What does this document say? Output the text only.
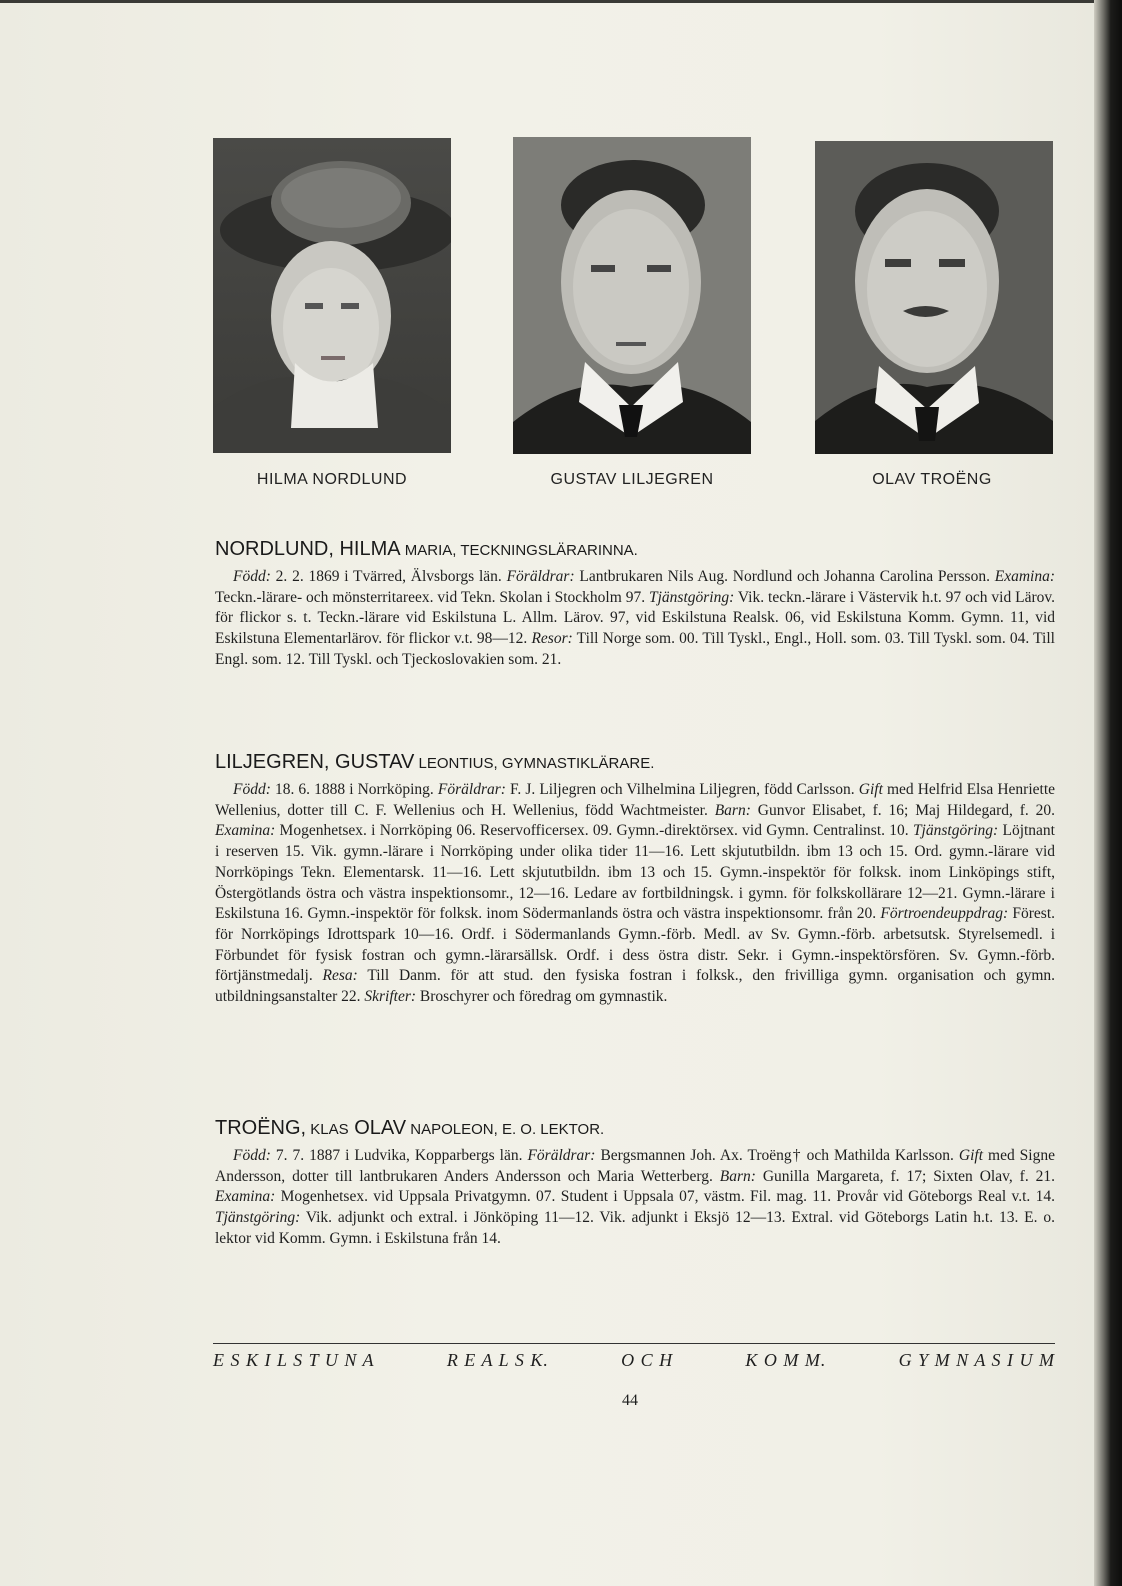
HILMA NORDLUND	GUSTAV LILJEGREN	OLAV TROËNG
NORDLUND, HILMA MARIA, TECKNINGSLÄRARINNA.

Född: 2. 2. 1869 i Tvärred, Älvsborgs län. Föräldrar: Lantbrukaren Nils Aug. Nordlund och Johanna Carolina Persson. Examina: Teckn.-lärare- och mönsterritareex. vid Tekn. Skolan i Stockholm 97. Tjänstgöring: Vik. teckn.-lärare i Västervik h.t. 97 och vid Lärov. för flickor s. t. Teckn.-lärare vid Eskilstuna L. Allm. Lärov. 97, vid Eskilstuna Realsk. 06, vid Eskilstuna Komm. Gymn. 11, vid Eskilstuna Elementarlärov. för flickor v.t. 98—12. Resor: Till Norge som. 00. Till Tyskl., Engl., Holl. som. 03. Till Tyskl. som. 04. Till Engl. som. 12. Till Tyskl. och Tjeckoslovakien som. 21.

LILJEGREN, GUSTAV LEONTIUS, GYMNASTIKLÄRARE.

Född: 18. 6. 1888 i Norrköping. Föräldrar: F. J. Liljegren och Vilhelmina Liljegren, född Carlsson. Gift med Helfrid Elsa Henriette Wellenius, dotter till C. F. Wellenius och H. Wellenius, född Wachtmeister. Barn: Gunvor Elisabet, f. 16; Maj Hildegard, f. 20. Examina: Mogenhetsex. i Norrköping 06. Reservofficersex. 09. Gymn.-direktörsex. vid Gymn. Centralinst. 10. Tjänstgöring: Löjtnant i reserven 15. Vik. gymn.-lärare i Norrköping under olika tider 11—16. Lett skjututbildn. ibm 13 och 15. Ord. gymn.-lärare vid Norrköpings Tekn. Elementarsk. 11—16. Lett skjututbildn. ibm 13 och 15. Gymn.-inspektör för folksk. inom Linköpings stift, Östergötlands östra och västra inspektionsomr., 12—16. Ledare av fortbildningsk. i gymn. för folkskollärare 12—21. Gymn.-lärare i Eskilstuna 16. Gymn.-inspektör för folksk. inom Södermanlands östra och västra inspektionsomr. från 20. Förtroendeuppdrag: Förest. för Norrköpings Idrottspark 10—16. Ordf. i Södermanlands Gymn.-förb. Medl. av Sv. Gymn.-förb. arbetsutsk. Styrelsemedl. i Förbundet för fysisk fostran och gymn.-lärarsällsk. Ordf. i dess östra distr. Sekr. i Gymn.-inspektörsfören. Sv. Gymn.-förb. förtjänstmedalj. Resa: Till Danm. för att stud. den fysiska fostran i folksk., den frivilliga gymn. organisation och gymn. utbildningsanstalter 22. Skrifter: Broschyrer och föredrag om gymnastik.

TROËNG, KLAS OLAV NAPOLEON, E. O. LEKTOR.

Född: 7. 7. 1887 i Ludvika, Kopparbergs län. Föräldrar: Bergsmannen Joh. Ax. Troëng† och Mathilda Karlsson. Gift med Signe Andersson, dotter till lantbrukaren Anders Andersson och Maria Wetterberg. Barn: Gunilla Margareta, f. 17; Sixten Olav, f. 21. Examina: Mogenhetsex. vid Uppsala Privatgymn. 07. Student i Uppsala 07, västm. Fil. mag. 11. Provår vid Göteborgs Real v.t. 14. Tjänstgöring: Vik. adjunkt och extral. i Jönköping 11—12. Vik. adjunkt i Eksjö 12—13. Extral. vid Göteborgs Latin h.t. 13. E. o. lektor vid Komm. Gymn. i Eskilstuna från 14.

E S K I L S T U N A	R E A L S K.	O C H	K O M M.	G Y M N A S I U M
44
